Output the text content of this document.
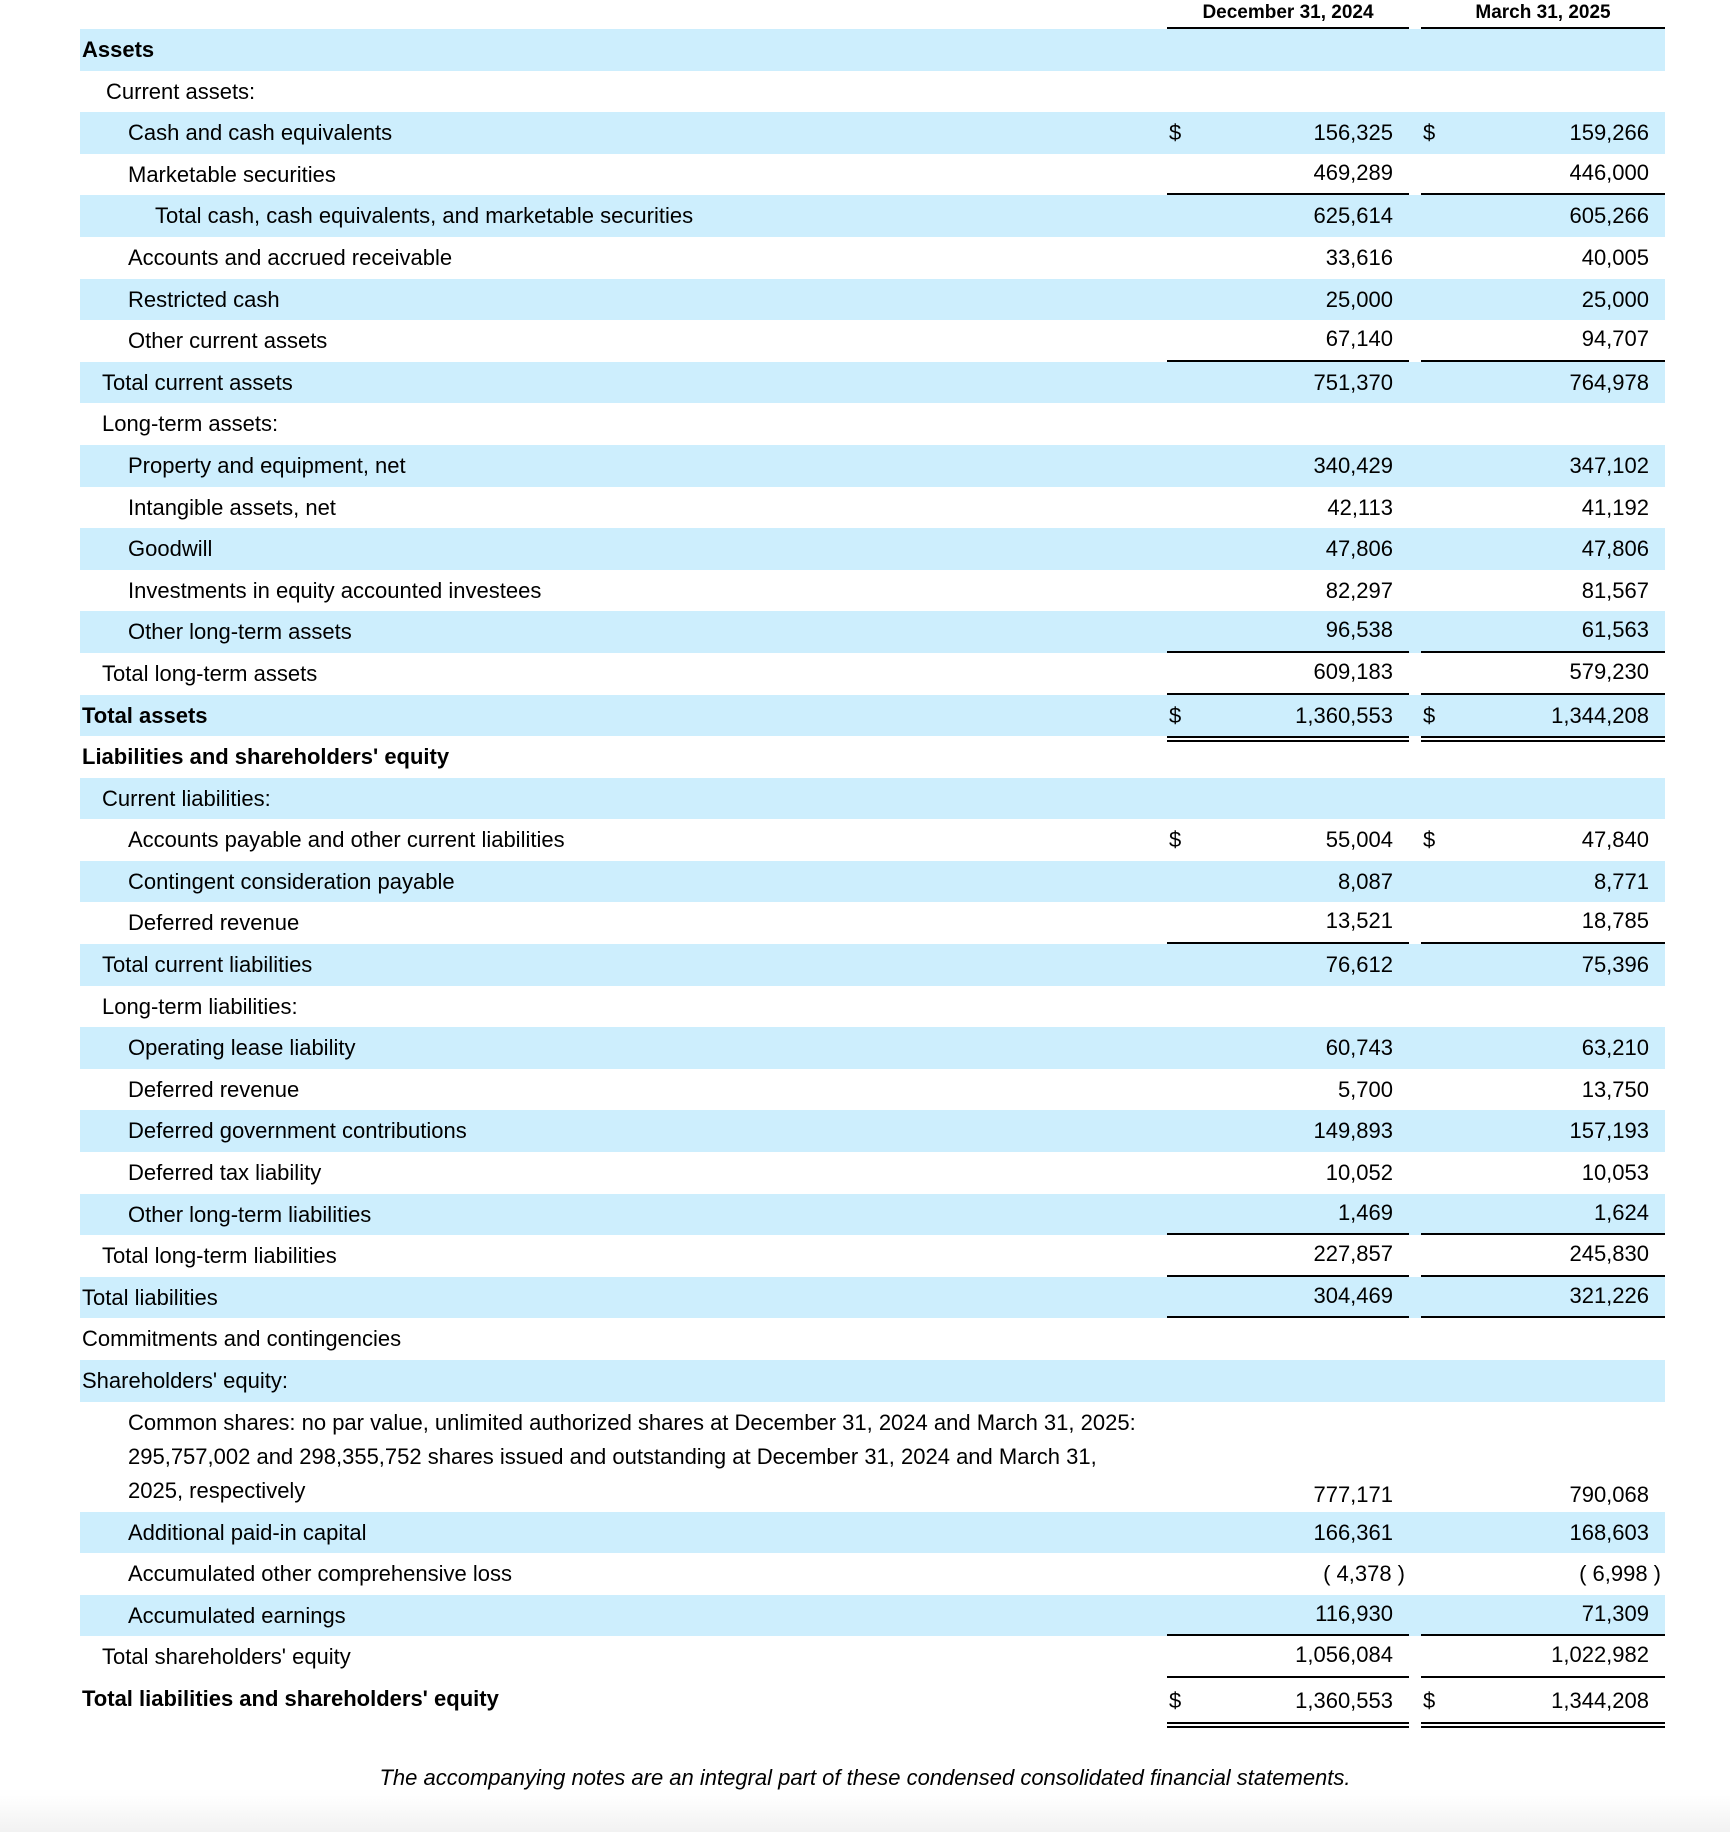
December 31, 2024	March 31, 2025
Assets
Current assets:
Cash and cash equivalents	$	156,325 $	159,266
Marketable securities	469,289	446,000
Total cash, cash equivalents, and marketable securities	625,614	605,266
Accounts and accrued receivable	33,616	40,005
Restricted cash	25,000	25,000
Other current assets	67,140	94,707
Total current assets	751,370	764,978
Long-term assets:
Property and equipment, net	340,429	347,102
Intangible assets, net	42,113	41,192
Goodwill	47,806	47,806
Investments in equity accounted investees	82,297	81,567
Other long-term assets	96,538	61,563
Total long-term assets	609,183	579,230
Total assets	$	1,360,553 $	1,344,208
Liabilities and shareholders' equity
Current liabilities:
Accounts payable and other current liabilities	$	55,004 $	47,840
Contingent consideration payable	8,087	8,771
Deferred revenue	13,521	18,785
Total current liabilities	76,612	75,396
Long-term liabilities:
Operating lease liability	60,743	63,210
Deferred revenue	5,700	13,750
Deferred government contributions	149,893	157,193
Deferred tax liability	10,052	10,053
Other long-term liabilities	1,469	1,624
Total long-term liabilities	227,857	245,830
Total liabilities	304,469	321,226
Commitments and contingencies
Shareholders' equity:
Common shares: no par value, unlimited authorized shares at December 31, 2024 and March 31, 2025: 295,757,002 and 298,355,752 shares issued and outstanding at December 31, 2024 and March 31, 2025, respectively	777,171	790,068
Additional paid-in capital	166,361	168,603
Accumulated other comprehensive loss	( 4,378 )	( 6,998 )
Accumulated earnings	116,930	71,309
Total shareholders' equity	1,056,084	1,022,982
Total liabilities and shareholders' equity	$	1,360,553 $	1,344,208
The accompanying notes are an integral part of these condensed consolidated financial statements.
